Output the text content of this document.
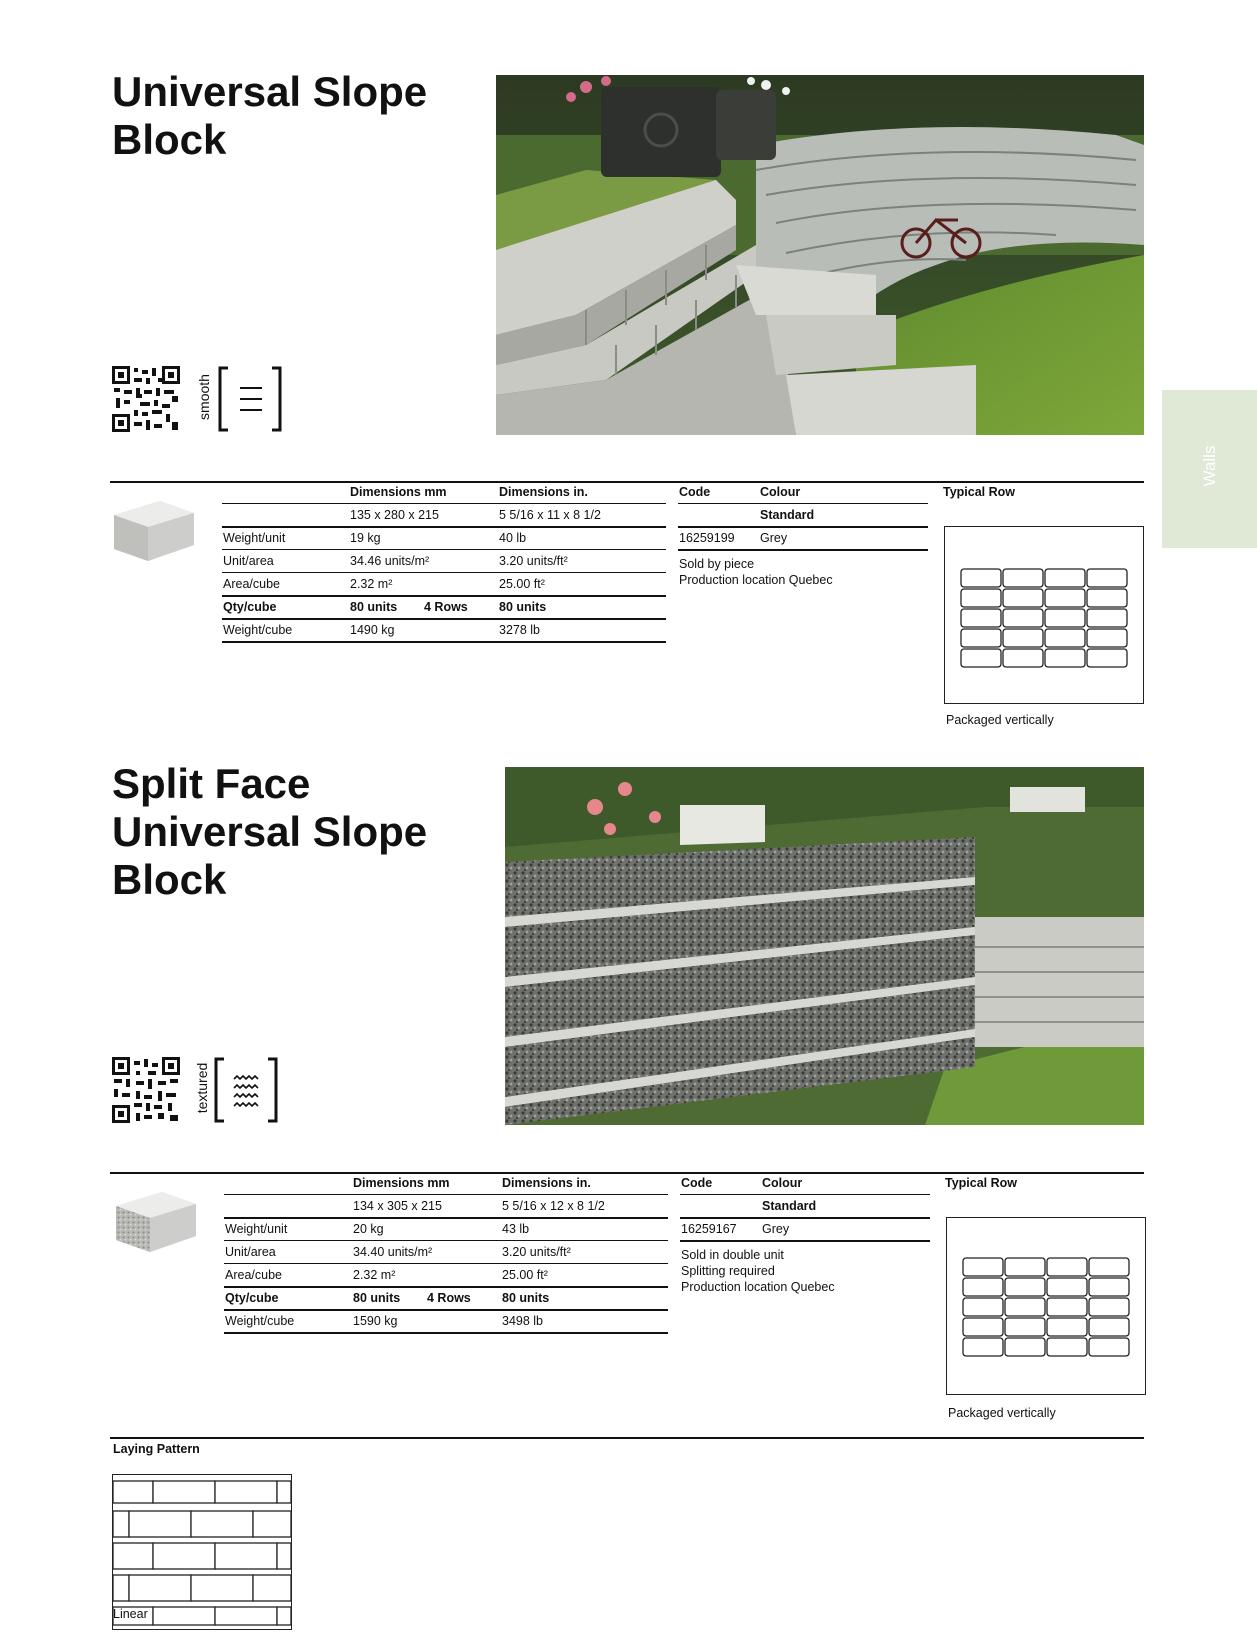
Walls
Universal Slope
Block
smooth
Dimensions mm	Dimensions in.
135 x 280 x 215	5 5/16 x 11 x 8 1/2
Weight/unit	19 kg	40 lb
Unit/area	34.46 units/m²	3.20 units/ft²
Area/cube	2.32 m²	25.00 ft²
Qty/cube	80 units 4 Rows 80 units
Weight/cube	1490 kg	3278 lb
Code	Colour
Standard
16259199 Grey
Sold by piece
Production location Quebec
Typical Row
Packaged vertically
Split Face
Universal Slope
Block
textured
Dimensions mm	Dimensions in.
134 x 305 x 215	5 5/16 x 12 x 8 1/2
Weight/unit	20 kg	43 lb
Unit/area	34.40 units/m²	3.20 units/ft²
Area/cube	2.32 m²	25.00 ft²
Qty/cube	80 units 4 Rows 80 units
Weight/cube	1590 kg	3498 lb
Code	Colour
Standard
16259167 Grey
Sold in double unit
Splitting required
Production location Quebec
Typical Row
Packaged vertically
Laying Pattern
Linear
